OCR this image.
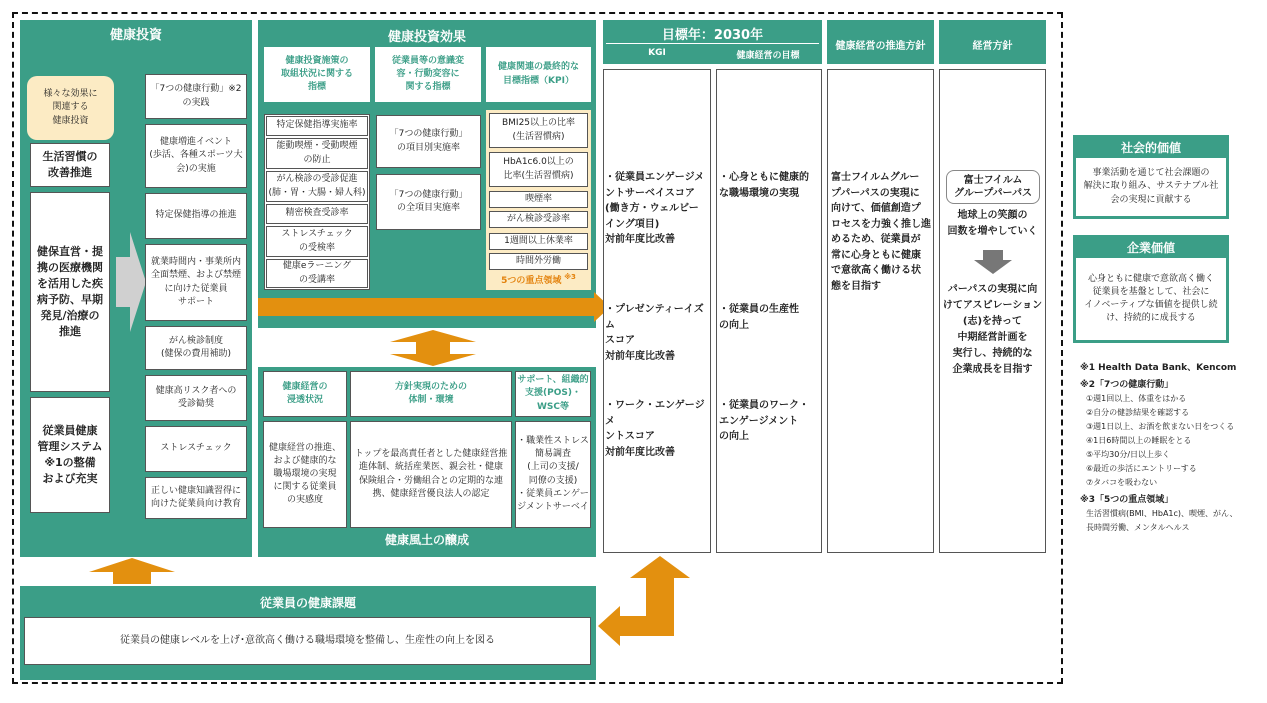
健康投資
様々な効果に
関連する
健康投資
生活習慣の
改善推進
健保直営・提
携の医療機関
を活用した疾
病予防、早期
発見/治療の
推進
従業員健康
管理システム
※1の整備
および充実
「7つの健康行動」※2
の実践
健康増進イベント
(歩活、各種スポーツ大
会)の実施
特定保健指導の推進
就業時間内・事業所内
全面禁煙、および禁煙
に向けた従業員
サポート
がん検診制度
(健保の費用補助)
健康高リスク者への
受診勧奨
ストレスチェック
正しい健康知識習得に
向けた従業員向け教育
健康投資効果
健康投資施策の
取組状況に関する
指標
従業員等の意識変
容・行動変容に
関する指標
健康関連の最終的な
目標指標（KPI）
特定保健指導実施率
能動喫煙・受動喫煙
の防止
がん検診の受診促進
(肺・胃・大腸・婦人科)
精密検査受診率
ストレスチェック
の受検率
健康eラーニング
の受講率
「7つの健康行動」
の項目別実施率
「7つの健康行動」
の全項目実施率
BMI25以上の比率
(生活習慣病)
HbA1c6.0以上の
比率(生活習慣病)
喫煙率
がん検診受診率
1週間以上休業率
時間外労働
5つの重点領域 $^{※3}$
健康経営の
浸透状況
方針実現のための
体制・環境
サポート、組織的
支援(POS)・
WSC等
健康経営の推進、
および健康的な
職場環境の実現
に関する従業員
の実感度
トップを最高責任者とした健康経営推
進体制、統括産業医、親会社・健康
保険組合・労働組合との定期的な連
携、健康経営優良法人の認定
・職業性ストレス
簡易調査
(上司の支援/
同僚の支援)
・従業員エンゲー
ジメントサーベイ
健康風土の醸成
目標年：2030年
KGI	健康経営の目標
・従業員エンゲージメ
ントサーベイスコア
(働き方・ウェルビー
イング項目)
対前年度比改善
・プレゼンティーイズム
スコア
対前年度比改善
・ワーク・エンゲージメ
ントスコア
対前年度比改善
・心身ともに健康的
な職場環境の実現
・従業員の生産性
の向上
・従業員のワーク・
エンゲージメント
の向上
健康経営の推進方針
富士フイルムグルー
プパーパスの実現に
向けて、価値創造プ
ロセスを力強く推し進
めるため、従業員が
常に心身ともに健康
で意欲高く働ける状
態を目指す
経営方針
富士フイルム
グループパーパス
地球上の笑顔の
回数を増やしていく
パーパスの実現に向
けてアスピレーション
(志)を持って
中期経営計画を
実行し、持続的な
企業成長を目指す
社会的価値
事業活動を通じて社会課題の
解決に取り組み、サステナブル社
会の実現に貢献する
企業価値
心身ともに健康で意欲高く働く
従業員を基盤として、社会に
イノベーティブな価値を提供し続
け、持続的に成長する
※1 Health Data Bank、Kencom
※2「7つの健康行動」
①週1回以上、体重をはかる
②自分の健診結果を確認する
③週1日以上、お酒を飲まない日をつくる
④1日6時間以上の睡眠をとる
⑤平均30分/日以上歩く
⑥最近の歩活にエントリーする
⑦タバコを吸わない
※3「5つの重点領域」
生活習慣病(BMI、HbA1c)、喫煙、がん、
長時間労働、メンタルヘルス
従業員の健康課題
従業員の健康レベルを上げ･意欲高く働ける職場環境を整備し、生産性の向上を図る
